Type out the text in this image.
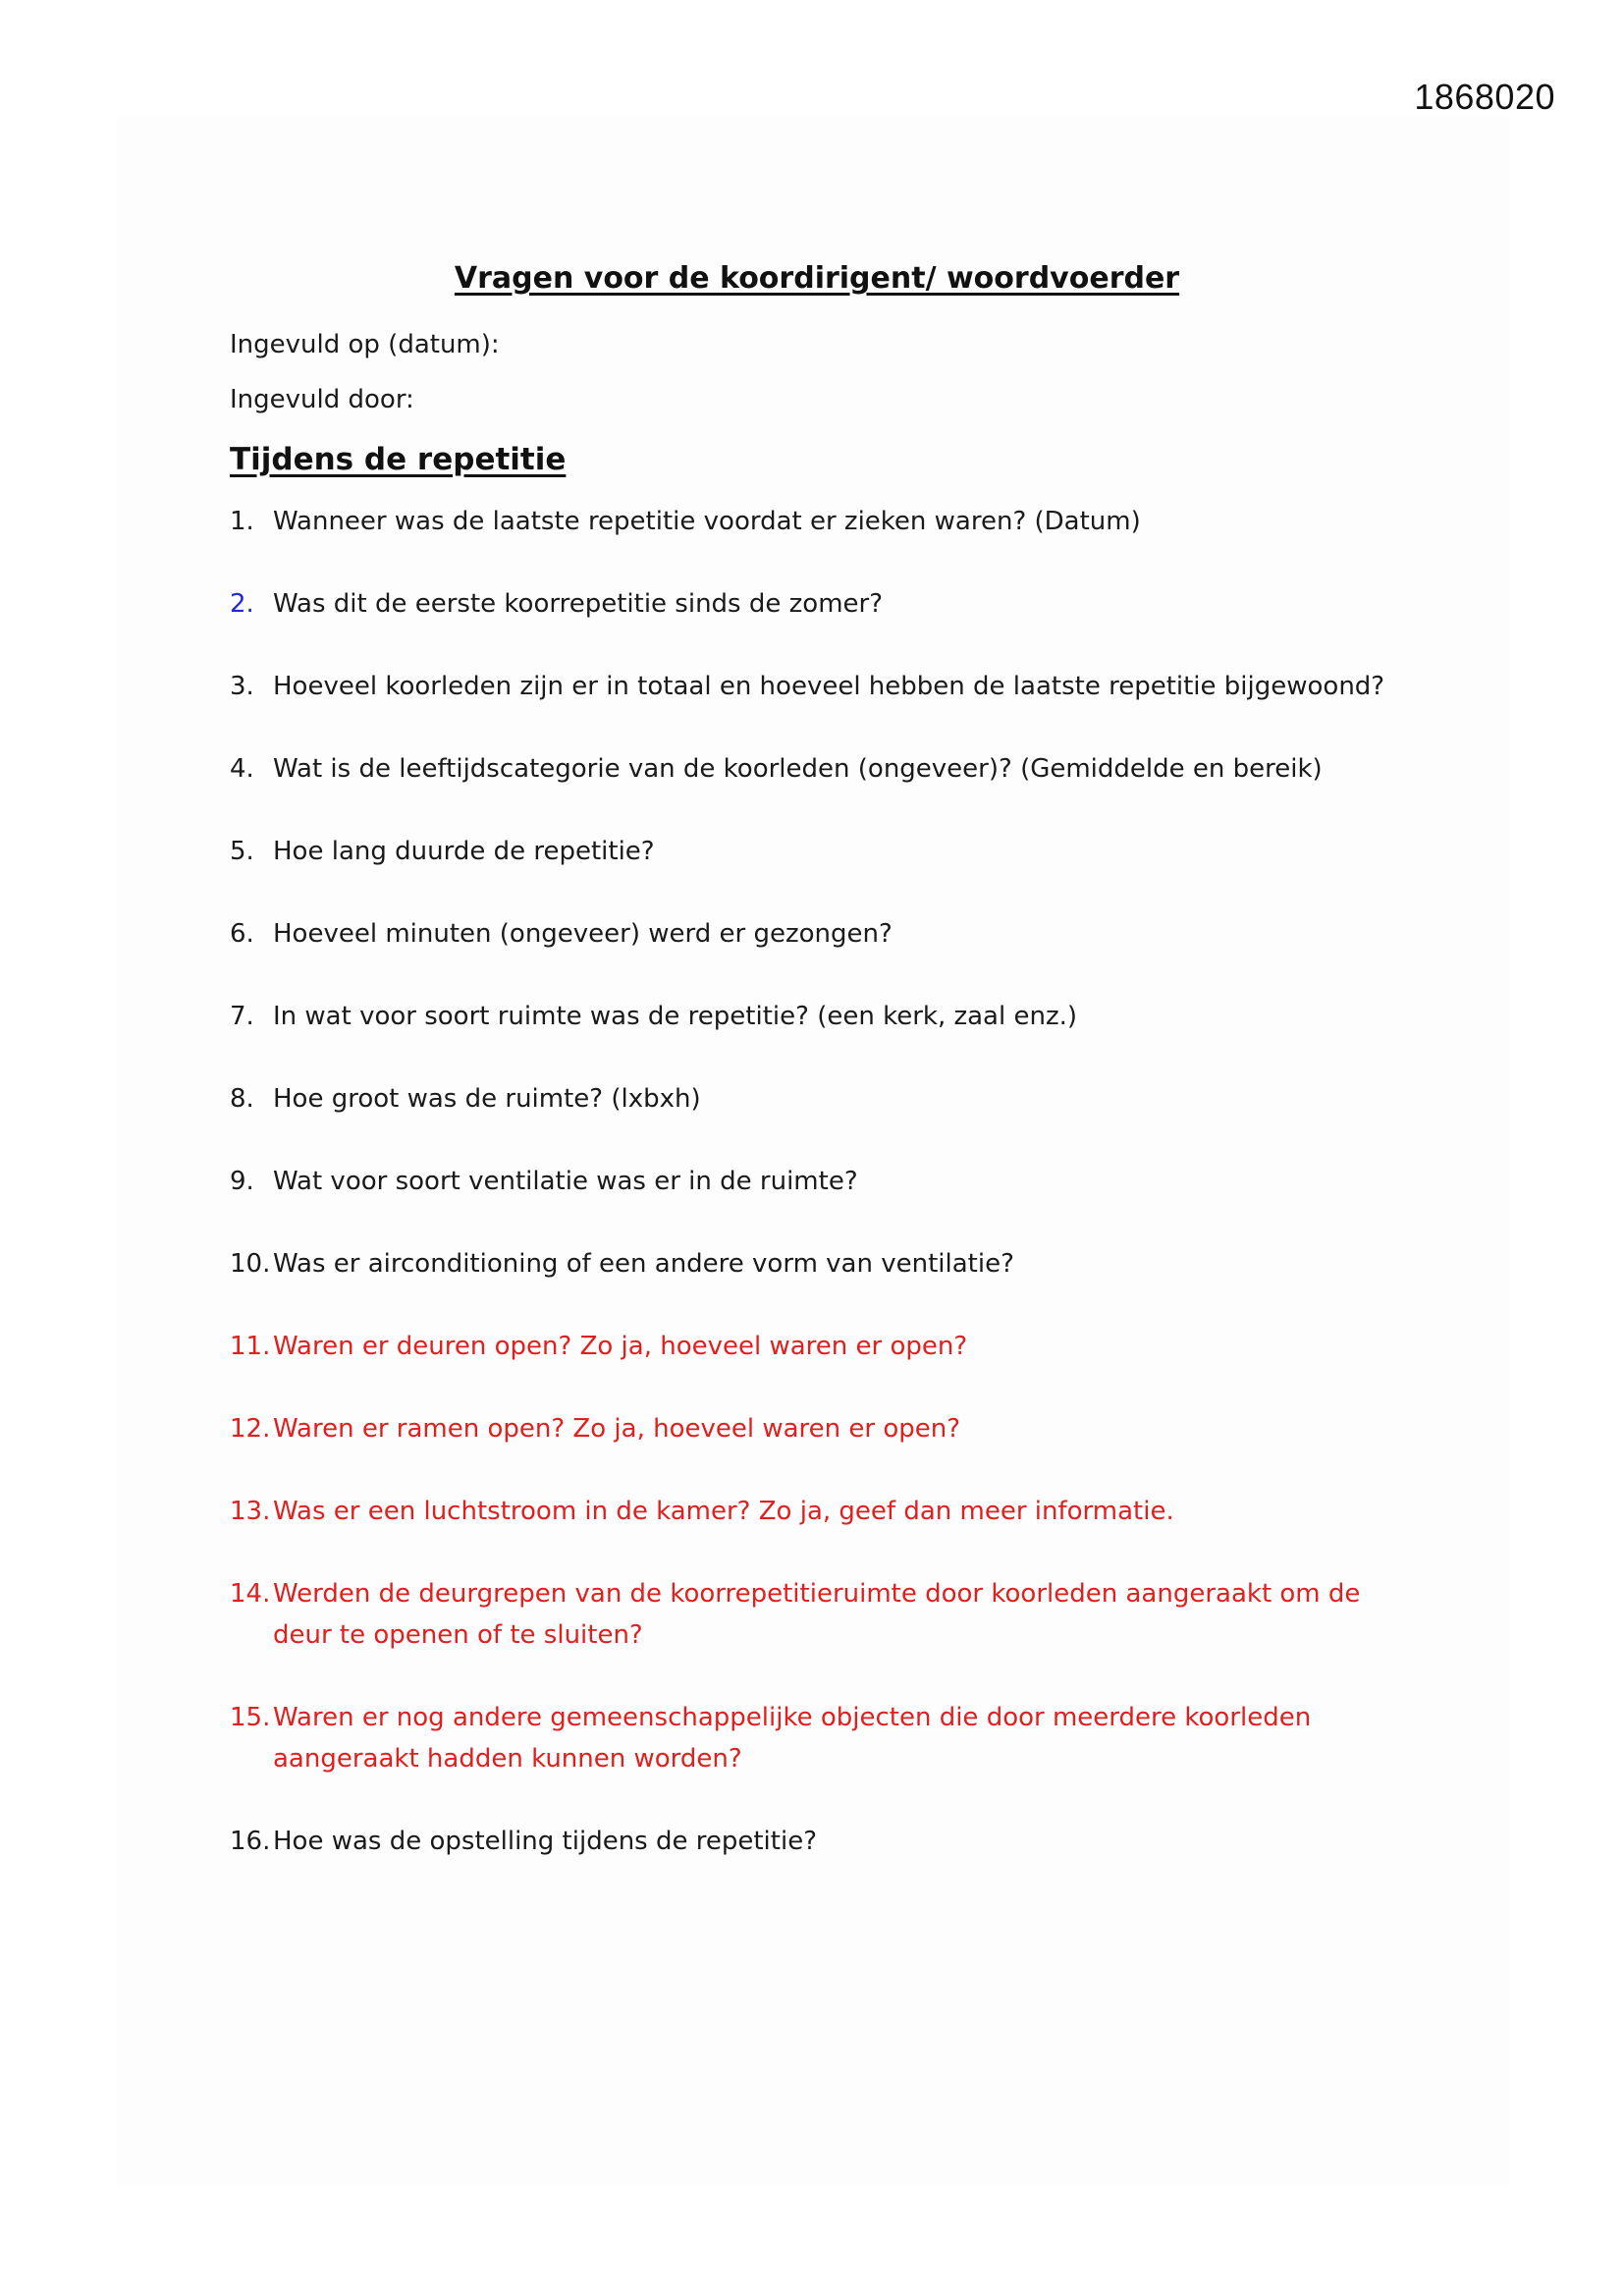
1868020
Vragen voor de koordirigent/ woordvoerder
Ingevuld op (datum):
Ingevuld door:
Tijdens de repetitie
1. Wanneer was de laatste repetitie voordat er zieken waren? (Datum)
2. Was dit de eerste koorrepetitie sinds de zomer?
3. Hoeveel koorleden zijn er in totaal en hoeveel hebben de laatste repetitie bijgewoond?
4. Wat is de leeftijdscategorie van de koorleden (ongeveer)? (Gemiddelde en bereik)
5. Hoe lang duurde de repetitie?
6. Hoeveel minuten (ongeveer) werd er gezongen?
7. In wat voor soort ruimte was de repetitie? (een kerk, zaal enz.)
8. Hoe groot was de ruimte? (lxbxh)
9. Wat voor soort ventilatie was er in de ruimte?
10. Was er airconditioning of een andere vorm van ventilatie?
11. Waren er deuren open? Zo ja, hoeveel waren er open?
12. Waren er ramen open? Zo ja, hoeveel waren er open?
13. Was er een luchtstroom in de kamer? Zo ja, geef dan meer informatie.
14. Werden de deurgrepen van de koorrepetitieruimte door koorleden aangeraakt om de deur te openen of te sluiten?
15. Waren er nog andere gemeenschappelijke objecten die door meerdere koorleden aangeraakt hadden kunnen worden?
16. Hoe was de opstelling tijdens de repetitie?
